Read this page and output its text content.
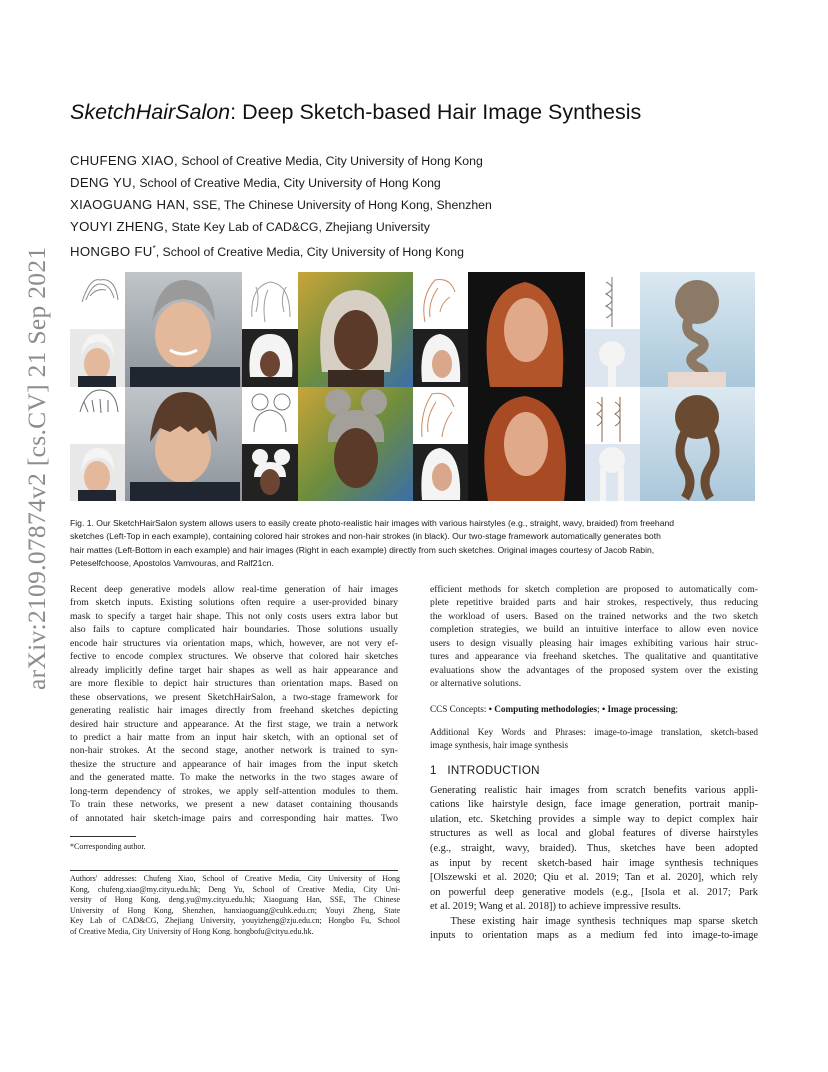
arXiv:2109.07874v2 [cs.CV] 21 Sep 2021
SketchHairSalon: Deep Sketch-based Hair Image Synthesis
CHUFENG XIAO, School of Creative Media, City University of Hong Kong
DENG YU, School of Creative Media, City University of Hong Kong
XIAOGUANG HAN, SSE, The Chinese University of Hong Kong, Shenzhen
YOUYI ZHENG, State Key Lab of CAD&CG, Zhejiang University
HONGBO FU*, School of Creative Media, City University of Hong Kong
Fig. 1. Our SketchHairSalon system allows users to easily create photo-realistic hair images with various hairstyles (e.g., straight, wavy, braided) from freehand
sketches (Left-Top in each example), containing colored hair strokes and non-hair strokes (in black). Our two-stage framework automatically generates both
hair mattes (Left-Bottom in each example) and hair images (Right in each example) directly from such sketches. Original images courtesy of Jacob Rabin,
Peteselfchoose, Apostolos Vamvouras, and Ralf21cn.
Recent deep generative models allow real-time generation of hair images
from sketch inputs. Existing solutions often require a user-provided binary
mask to specify a target hair shape. This not only costs users extra labor but
also fails to capture complicated hair boundaries. Those solutions usually
encode hair structures via orientation maps, which, however, are not very ef-
fective to encode complex structures. We observe that colored hair sketches
already implicitly define target hair shapes as well as hair appearance and
are more flexible to depict hair structures than orientation maps. Based on
these observations, we present SketchHairSalon, a two-stage framework for
generating realistic hair images directly from freehand sketches depicting
desired hair structure and appearance. At the first stage, we train a network
to predict a hair matte from an input hair sketch, with an optional set of
non-hair strokes. At the second stage, another network is trained to syn-
thesize the structure and appearance of hair images from the input sketch
and the generated matte. To make the networks in the two stages aware of
long-term dependency of strokes, we apply self-attention modules to them.
To train these networks, we present a new dataset containing thousands
of annotated hair sketch-image pairs and corresponding hair mattes. Two
*Corresponding author.
Authors' addresses: Chufeng Xiao, School of Creative Media, City University of Hong
Kong, chufeng.xiao@my.cityu.edu.hk; Deng Yu, School of Creative Media, City Uni-
versity of Hong Kong, deng.yu@my.cityu.edu.hk; Xiaoguang Han, SSE, The Chinese
University of Hong Kong, Shenzhen, hanxiaoguang@cuhk.edu.cn; Youyi Zheng, State
Key Lab of CAD&CG, Zhejiang University, youyizheng@zju.edu.cn; Hongbo Fu, School
of Creative Media, City University of Hong Kong. hongbofu@cityu.edu.hk.
efficient methods for sketch completion are proposed to automatically com-
plete repetitive braided parts and hair strokes, respectively, thus reducing
the workload of users. Based on the trained networks and the two sketch
completion strategies, we build an intuitive interface to allow even novice
users to design visually pleasing hair images exhibiting various hair struc-
tures and appearance via freehand sketches. The qualitative and quantitative
evaluations show the advantages of the proposed system over the existing
or alternative solutions.
CCS Concepts: • Computing methodologies; • Image processing;
Additional Key Words and Phrases: image-to-image translation, sketch-based
image synthesis, hair image synthesis
1 INTRODUCTION
Generating realistic hair images from scratch benefits various appli-
cations like hairstyle design, face image generation, portrait manip-
ulation, etc. Sketching provides a simple way to depict complex hair
structures as well as local and global features of diverse hairstyles
(e.g., straight, wavy, braided). Thus, sketches have been adopted
as input by recent sketch-based hair image synthesis techniques
[Olszewski et al. 2020; Qiu et al. 2019; Tan et al. 2020], which rely
on powerful deep generative models (e.g., [Isola et al. 2017; Park
et al. 2019; Wang et al. 2018]) to achieve impressive results.
These existing hair image synthesis techniques map sparse sketch
inputs to orientation maps as a medium fed into image-to-image
